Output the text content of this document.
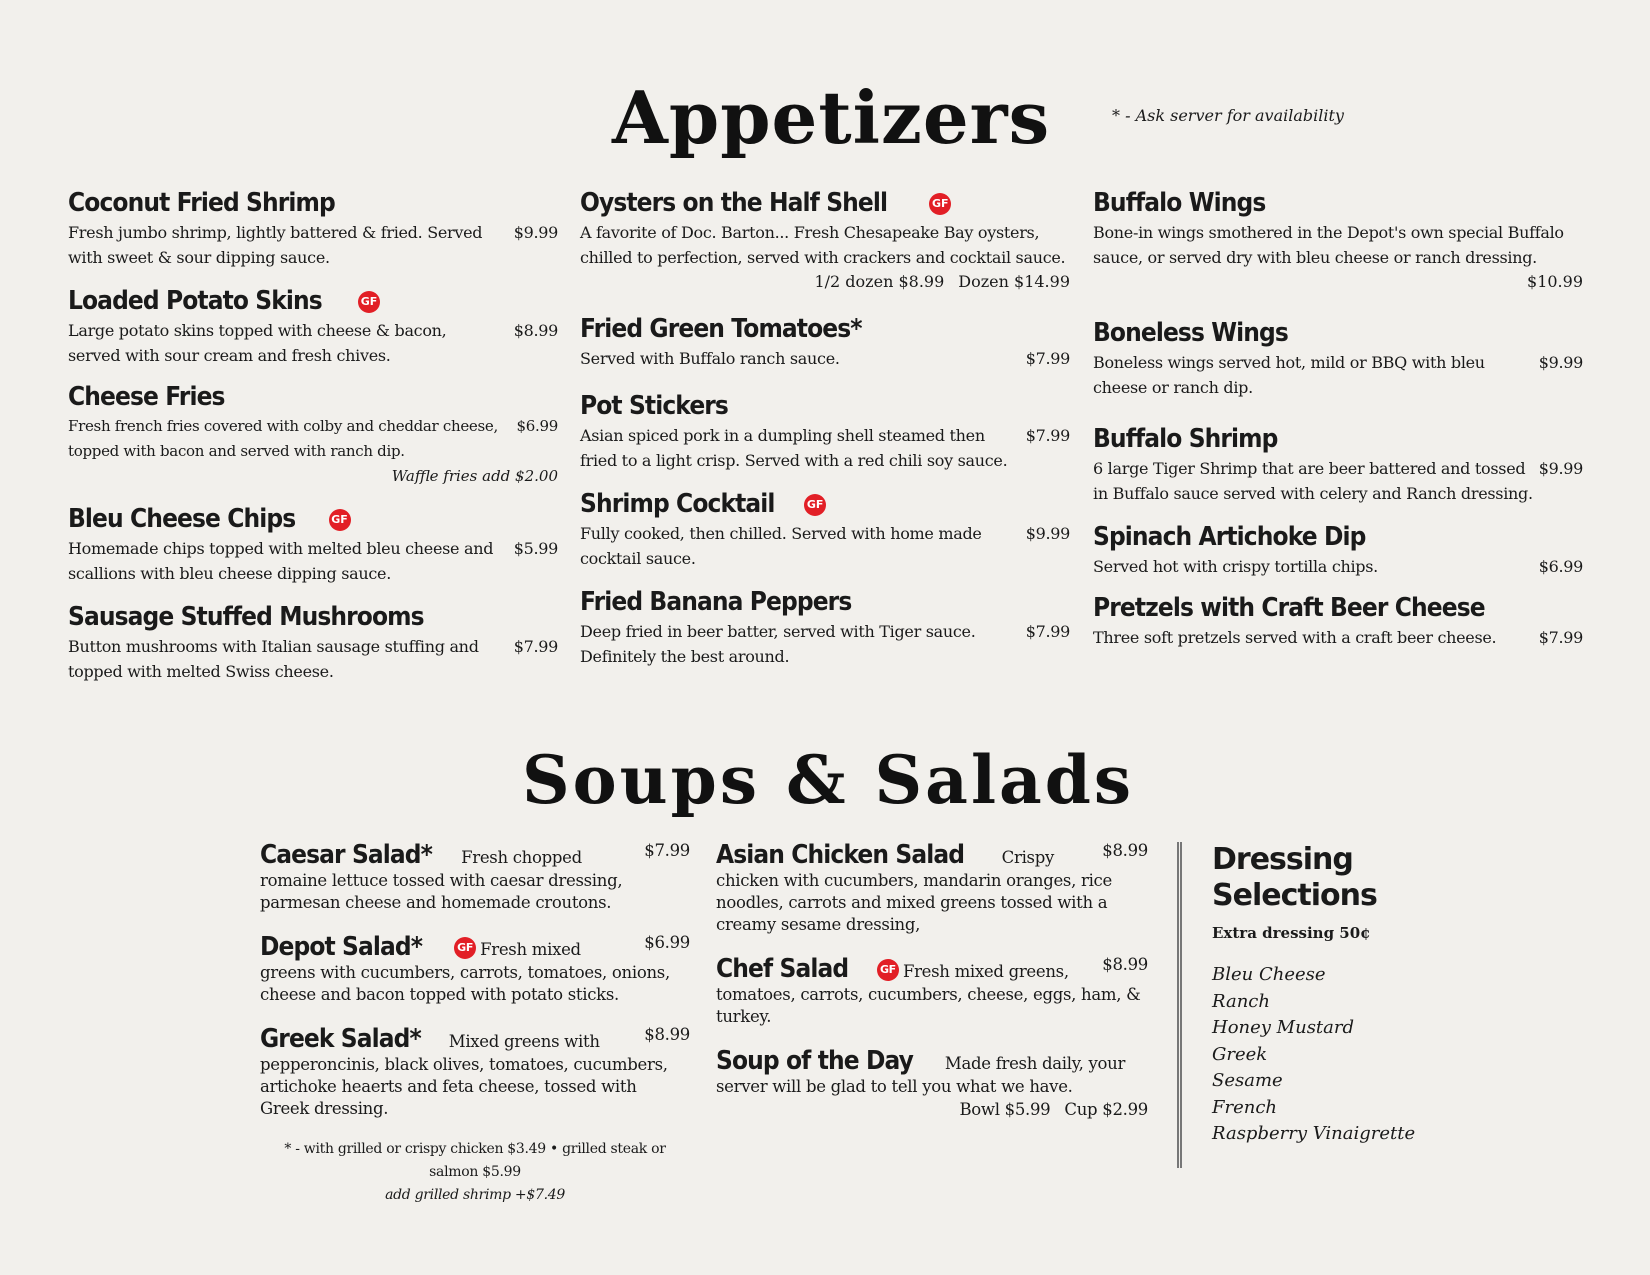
Appetizers	* - Ask server for availability
Coconut Fried Shrimp
$9.99
Fresh jumbo shrimp, lightly battered & fried. Served with sweet & sour dipping sauce.
Loaded Potato Skins	GF
$8.99
Large potato skins topped with cheese & bacon, served with sour cream and fresh chives.
Cheese Fries
$6.99
Fresh french fries covered with colby and cheddar cheese, topped with bacon and served with ranch dip.
Waffle fries add $2.00
Bleu Cheese Chips	GF
$5.99
Homemade chips topped with melted bleu cheese and scallions with bleu cheese dipping sauce.
Sausage Stuffed Mushrooms
$7.99
Button mushrooms with Italian sausage stuffing and topped with melted Swiss cheese.
Oysters on the Half Shell	GF
A favorite of Doc. Barton... Fresh Chesapeake Bay oysters, chilled to perfection, served with crackers and cocktail sauce.
1/2 dozen $8.99 Dozen $14.99
Fried Green Tomatoes*
$7.99
Served with Buffalo ranch sauce.
Pot Stickers
$7.99
Asian spiced pork in a dumpling shell steamed then fried to a light crisp. Served with a red chili soy sauce.
Shrimp Cocktail	GF
$9.99
Fully cooked, then chilled. Served with home made cocktail sauce.
Fried Banana Peppers
$7.99
Deep fried in beer batter, served with Tiger sauce. Definitely the best around.
Buffalo Wings
Bone-in wings smothered in the Depot's own special Buffalo sauce, or served dry with bleu cheese or ranch dressing.
$10.99
Boneless Wings
$9.99
Boneless wings served hot, mild or BBQ with bleu cheese or ranch dip.
Buffalo Shrimp
$9.99
6 large Tiger Shrimp that are beer battered and tossed in Buffalo sauce served with celery and Ranch dressing.
Spinach Artichoke Dip
$6.99
Served hot with crispy tortilla chips.
Pretzels with Craft Beer Cheese
$7.99
Three soft pretzels served with a craft beer cheese.
Soups & Salads
Caesar Salad*	$7.99
Fresh chopped romaine lettuce tossed with caesar dressing, parmesan cheese and homemade croutons.
Depot Salad*	GF	$6.99
Fresh mixed greens with cucumbers, carrots, tomatoes, onions, cheese and bacon topped with potato sticks.
Greek Salad*	$8.99
Mixed greens with pepperoncinis, black olives, tomatoes, cucumbers, artichoke heaerts and feta cheese, tossed with Greek dressing.
* - with grilled or crispy chicken $3.49 • grilled steak or salmon $5.99
add grilled shrimp +$7.49
Asian Chicken Salad	$8.99
Crispy chicken with cucumbers, mandarin oranges, rice noodles, carrots and mixed greens tossed with a creamy sesame dressing,
Chef Salad	GF	$8.99
Fresh mixed greens, tomatoes, carrots, cucumbers, cheese, eggs, ham, & turkey.
Soup of the Day Made fresh daily, your server will be glad to tell you what we have.
Bowl $5.99 Cup $2.99
Dressing
Selections
Extra dressing 50¢
Bleu Cheese
Ranch
Honey Mustard
Greek
Sesame
French
Raspberry Vinaigrette
